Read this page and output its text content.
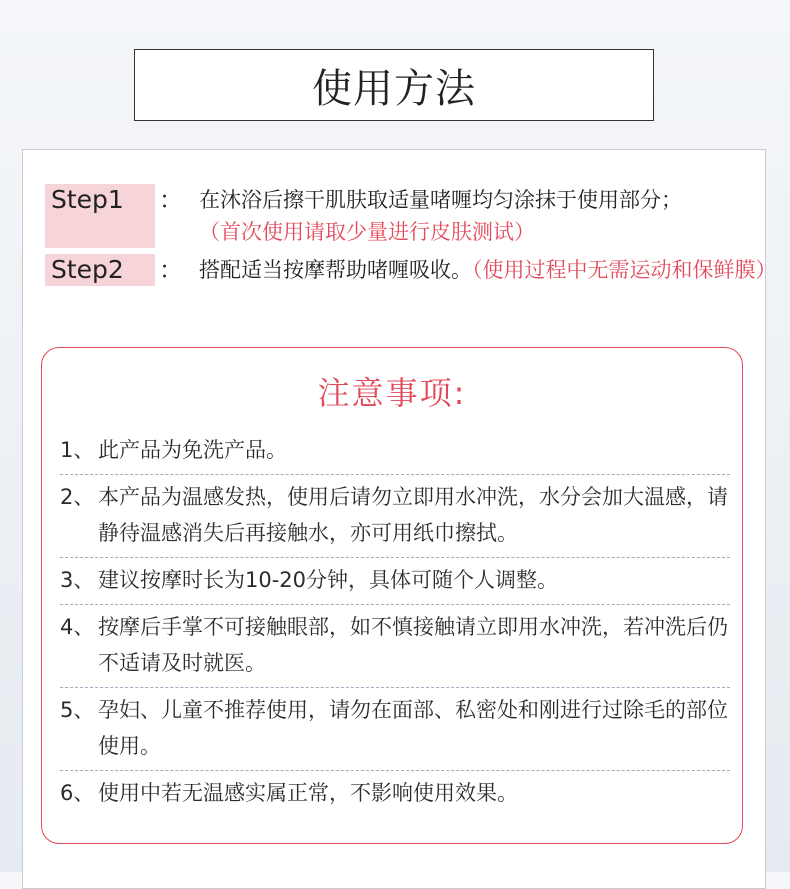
使用方法
Step1	： 在沐浴后擦干肌肤取适量啫喱均匀涂抹于使用部分；
（首次使用请取少量进行皮肤测试）
Step2	： 搭配适当按摩帮助啫喱吸收。（使用过程中无需运动和保鲜膜）
注意事项:
1、 此产品为免洗产品。
2、 本产品为温感发热，使用后请勿立即用水冲洗，水分会加大温感，请静待温感消失后再接触水，亦可用纸巾擦拭。
3、 建议按摩时长为10-20分钟，具体可随个人调整。
4、 按摩后手掌不可接触眼部，如不慎接触请立即用水冲洗，若冲洗后仍不适请及时就医。
5、 孕妇、儿童不推荐使用，请勿在面部、私密处和刚进行过除毛的部位使用。
6、 使用中若无温感实属正常，不影响使用效果。
